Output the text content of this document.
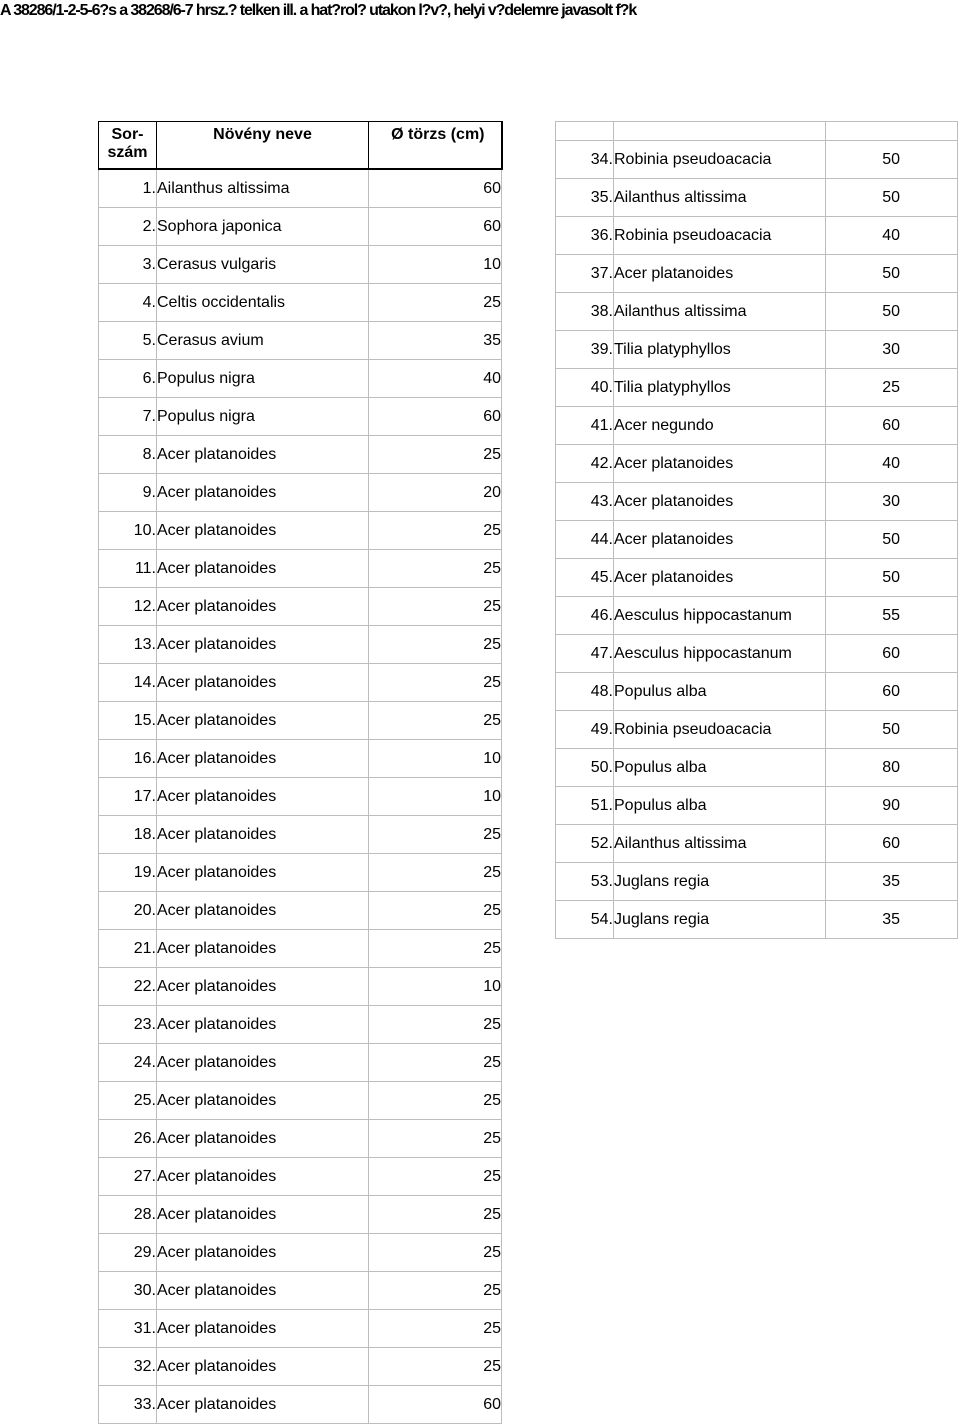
A 38286/1-2-5-6?s a 38268/6-7 hrsz.? telken ill. a hat?rol? utakon l?v?, helyi v?delemre javasolt f?k
Sor-
szám	Növény neve	Ø törzs (cm)
1.	Ailanthus altissima	60
2.	Sophora japonica	60
3.	Cerasus vulgaris	10
4.	Celtis occidentalis	25
5.	Cerasus avium	35
6.	Populus nigra	40
7.	Populus nigra	60
8.	Acer platanoides	25
9.	Acer platanoides	20
10.	Acer platanoides	25
11.	Acer platanoides	25
12.	Acer platanoides	25
13.	Acer platanoides	25
14.	Acer platanoides	25
15.	Acer platanoides	25
16.	Acer platanoides	10
17.	Acer platanoides	10
18.	Acer platanoides	25
19.	Acer platanoides	25
20.	Acer platanoides	25
21.	Acer platanoides	25
22.	Acer platanoides	10
23.	Acer platanoides	25
24.	Acer platanoides	25
25.	Acer platanoides	25
26.	Acer platanoides	25
27.	Acer platanoides	25
28.	Acer platanoides	25
29.	Acer platanoides	25
30.	Acer platanoides	25
31.	Acer platanoides	25
32.	Acer platanoides	25
33.	Acer platanoides	60

34.	Robinia pseudoacacia	50
35.	Ailanthus altissima	50
36.	Robinia pseudoacacia	40
37.	Acer platanoides	50
38.	Ailanthus altissima	50
39.	Tilia platyphyllos	30
40.	Tilia platyphyllos	25
41.	Acer negundo	60
42.	Acer platanoides	40
43.	Acer platanoides	30
44.	Acer platanoides	50
45.	Acer platanoides	50
46.	Aesculus hippocastanum	55
47.	Aesculus hippocastanum	60
48.	Populus alba	60
49.	Robinia pseudoacacia	50
50.	Populus alba	80
51.	Populus alba	90
52.	Ailanthus altissima	60
53.	Juglans regia	35
54.	Juglans regia	35
